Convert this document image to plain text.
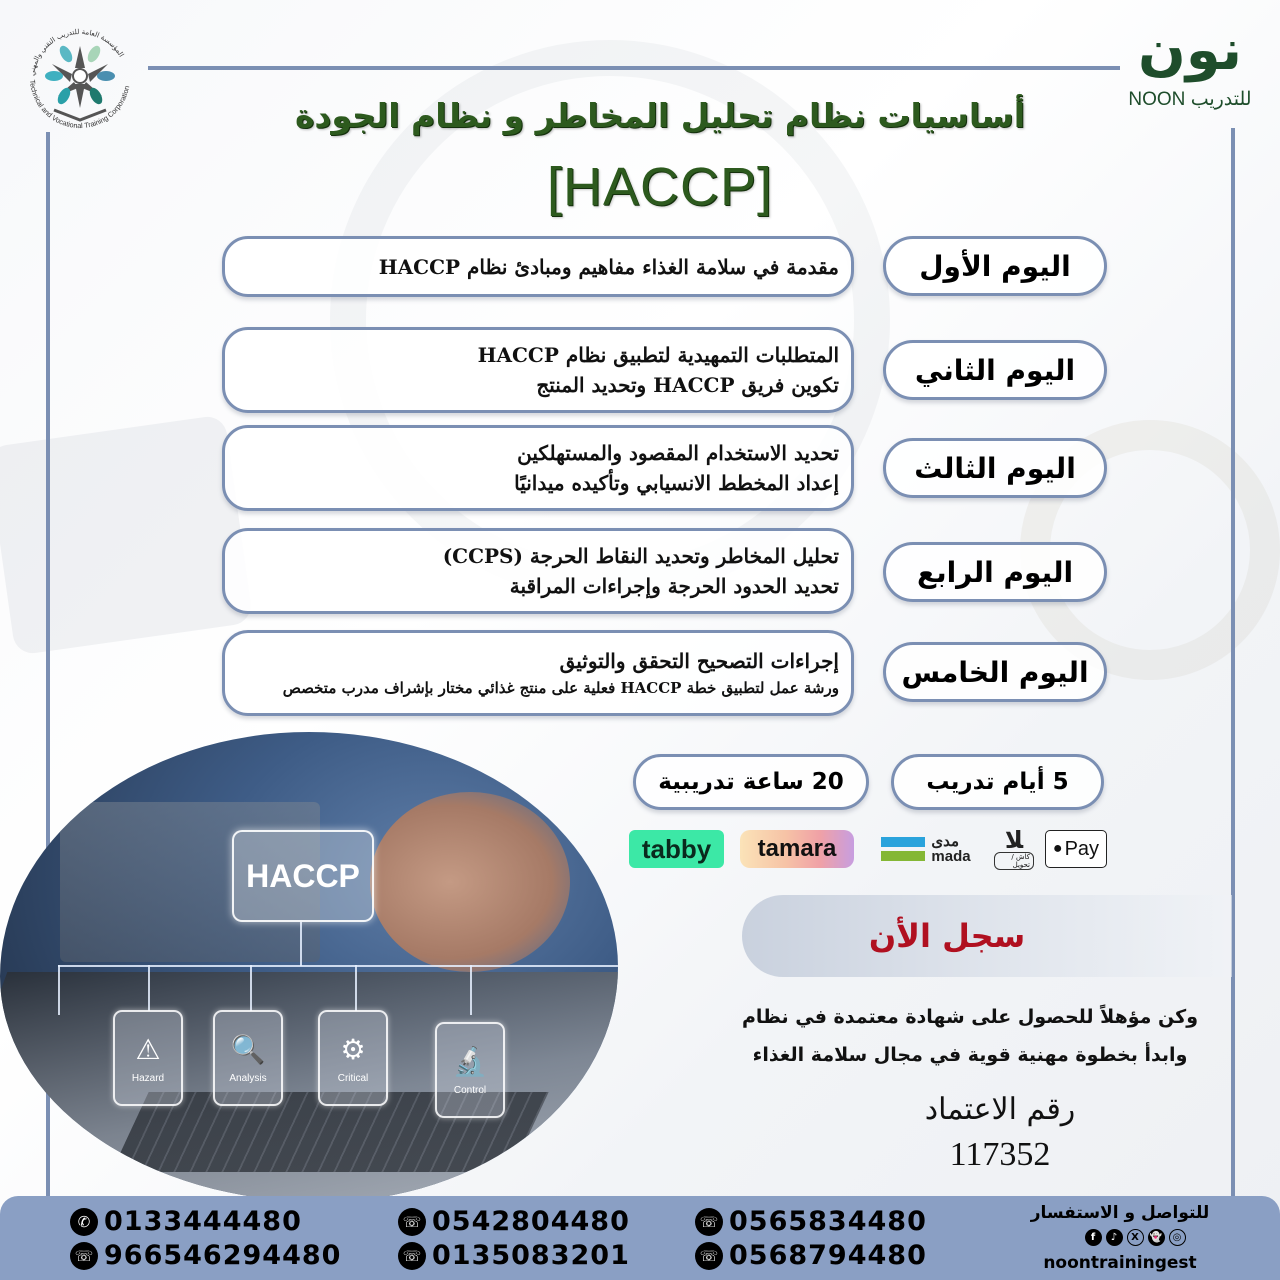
المؤسسة العامة للتدريب التقني والمهني
Technical and Vocational Training Corporation
نون
NOON للتدريب
أساسيات نظام تحليل المخاطر و نظام الجودة
[HACCP]
اليوم الأول
مقدمة في سلامة الغذاء مفاهيم ومبادئ نظام HACCP
اليوم الثاني
المتطلبات التمهيدية لتطبيق نظام HACCP
تكوين فريق HACCP وتحديد المنتج
اليوم الثالث
تحديد الاستخدام المقصود والمستهلكين
إعداد المخطط الانسيابي وتأكيده ميدانيًا
اليوم الرابع
تحليل المخاطر وتحديد النقاط الحرجة (CCPS)
تحديد الحدود الحرجة وإجراءات المراقبة
اليوم الخامس
إجراءات التصحيح التحقق والتوثيق
ورشة عمل لتطبيق خطة HACCP فعلية على منتج غذائي مختار بإشراف مدرب متخصص
5 أيام تدريب
20 ساعة تدريبية
tabby	tamara	مدى
mada
ﻼ
كاش / تحويل
● Pay
سجل الأن
وكن مؤهلاً للحصول على شهادة معتمدة في نظام
وابدأ بخطوة مهنية قوية في مجال سلامة الغذاء
رقم الاعتماد
117352
HACCP
⚠
Hazard
🔍
Analysis
⚙
Critical
🔬
Control
✆ 0133444480
☏ 966546294480
☏ 0542804480
☏ 0135083201
☏ 0565834480
☏ 0568794480
للتواصل و الاستفسار
f	♪	X	👻	◎
noontrainingest
